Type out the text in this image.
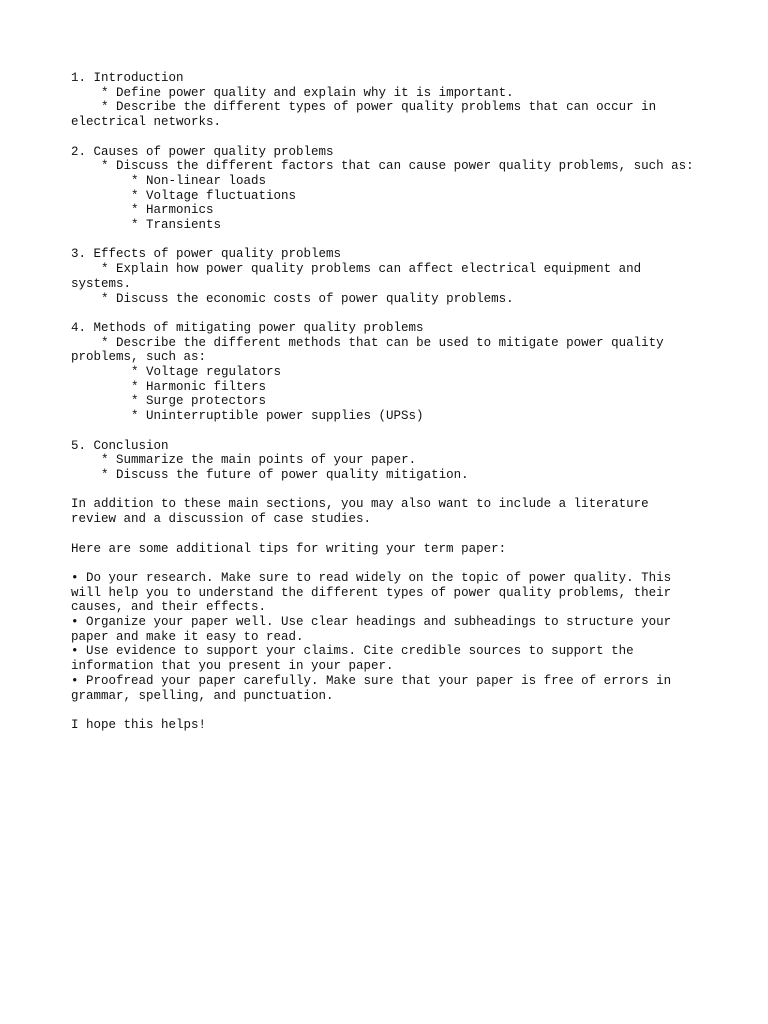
1. Introduction
* Define power quality and explain why it is important.
* Describe the different types of power quality problems that can occur in
electrical networks.

2. Causes of power quality problems
* Discuss the different factors that can cause power quality problems, such as:
* Non-linear loads
* Voltage fluctuations
* Harmonics
* Transients

3. Effects of power quality problems
* Explain how power quality problems can affect electrical equipment and
systems.
* Discuss the economic costs of power quality problems.

4. Methods of mitigating power quality problems
* Describe the different methods that can be used to mitigate power quality
problems, such as:
* Voltage regulators
* Harmonic filters
* Surge protectors
* Uninterruptible power supplies (UPSs)

5. Conclusion
* Summarize the main points of your paper.
* Discuss the future of power quality mitigation.

In addition to these main sections, you may also want to include a literature
review and a discussion of case studies.

Here are some additional tips for writing your term paper:

• Do your research. Make sure to read widely on the topic of power quality. This
will help you to understand the different types of power quality problems, their
causes, and their effects.
• Organize your paper well. Use clear headings and subheadings to structure your
paper and make it easy to read.
• Use evidence to support your claims. Cite credible sources to support the
information that you present in your paper.
• Proofread your paper carefully. Make sure that your paper is free of errors in
grammar, spelling, and punctuation.

I hope this helps!
